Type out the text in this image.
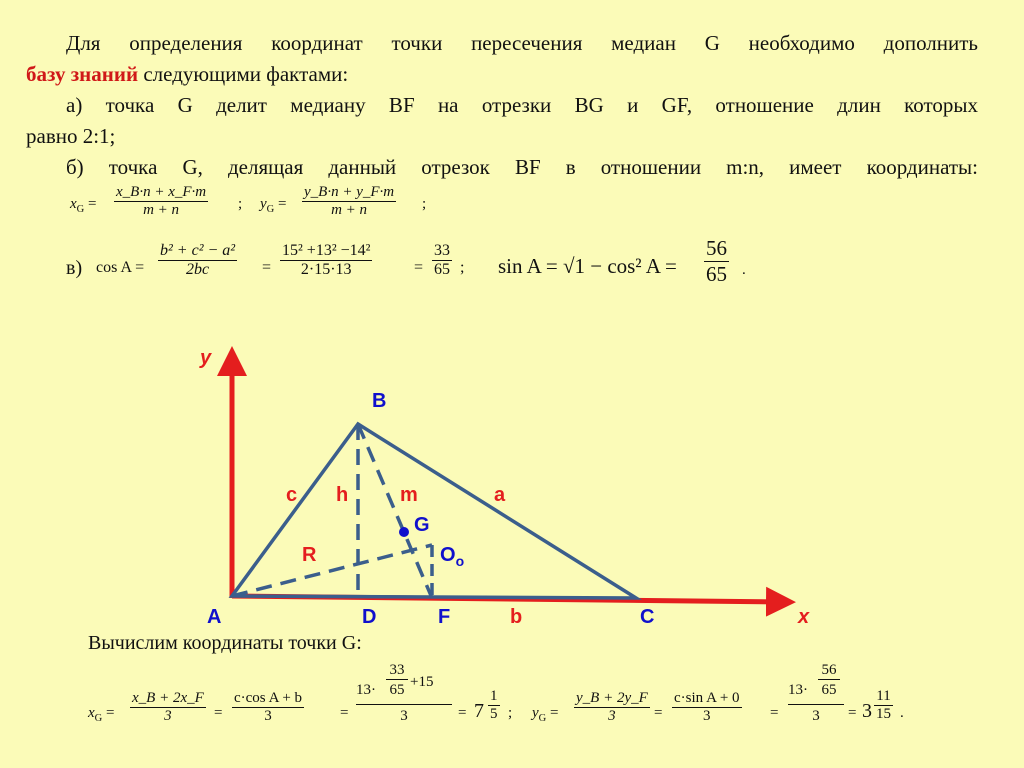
Для определения координат точки пересечения медиан G необходимо дополнить
базу знаний следующими фактами:
а) точка G делит медиану BF на отрезки BG и GF, отношение длин которых
равно 2:1;
б) точка G, делящая данный отрезок BF в отношении m:n, имеет координаты:
$x_G = \frac{x\_B\cdot n + x\_F\cdot m}{m + n}$ ; $y_G = \frac{y\_B\cdot n + y\_F\cdot m}{m + n}$ ;
в) $\cos A = \frac{\text{b² + c² − a²}}{2bc} = \frac{\text{15² +13² −14²}}{2\cdot 15\cdot 13}$	= $\frac{33}{65}$ ; sin A = √1 − cos² $A = \frac{56}{65}$ .
y
x
B
A	D	F	C
c h	m	a
G
R	$O_o$
b
Вычислим координаты точки G:
$x_G = \frac{x\_B + 2x\_F}{3} = \frac{\text{c·cos A + b}}{3}$ =
13·
33
65 +15
3	= $7 \frac{1}{5}$ ; $y_G = \frac{y\_B + 2y\_F}{3} = \frac{\text{c·sin A + 0}}{3}$ =
13·
56
65
3	= $3 \frac{11}{15}$ .
